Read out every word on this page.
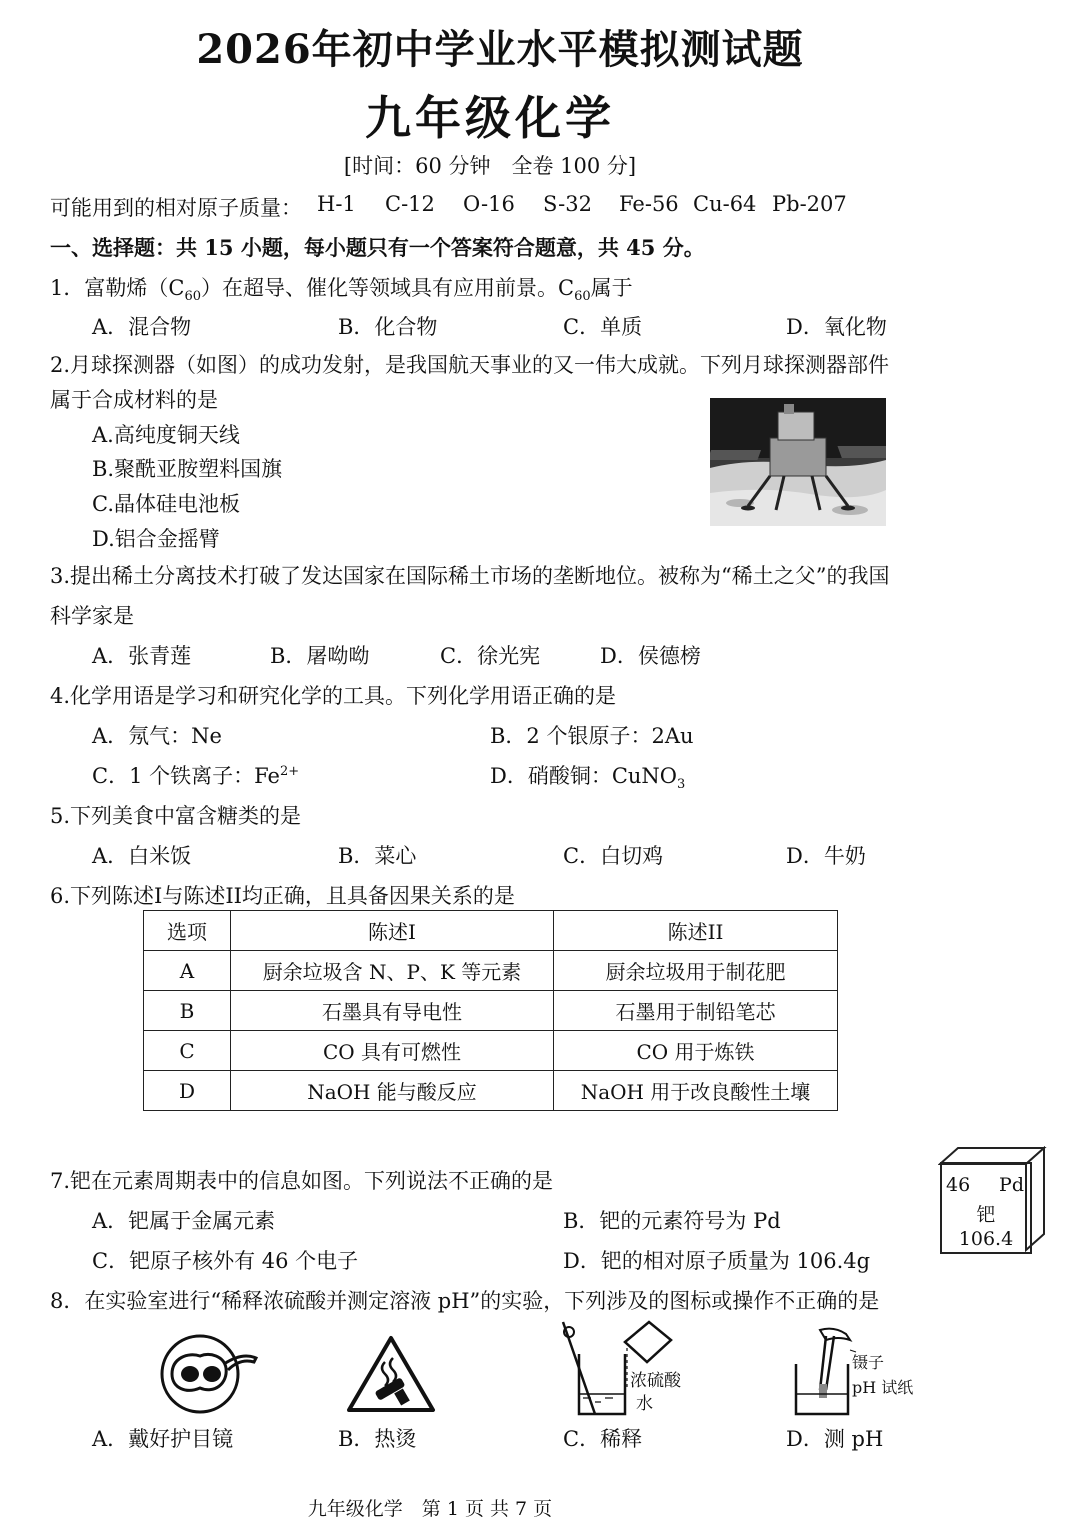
2026年初中学业水平模拟测试题
九年级化学
[时间：60 分钟　全卷 100 分]
可能用到的相对原子质量： H-1 C-12 O-16 S-32 Fe-56 Cu-64 Pb-207
一、选择题：共 15 小题，每小题只有一个答案符合题意，共 45 分。
1．富勒烯$(C_{60})$在超导、催化等领域具有应用前景。$C_{60}$属于
A．混合物	B．化合物	C．单质	D．氧化物
2.月球探测器（如图）的成功发射，是我国航天事业的又一伟大成就。下列月球探测器部件
属于合成材料的是
A.高纯度铜天线
B.聚酰亚胺塑料国旗
C.晶体硅电池板
D.铝合金摇臂
3.提出稀土分离技术打破了发达国家在国际稀土市场的垄断地位。被称为“稀土之父”的我国
科学家是
A．张青莲	B．屠呦呦	C．徐光宪	D．侯德榜
4.化学用语是学习和研究化学的工具。下列化学用语正确的是
A．氖气：Ne	B．2 个银原子：2Au
C．1 个铁离子：$Fe^{2+}$	D．硝酸铜：CuNO$_3$
5.下列美食中富含糖类的是
A．白米饭	B．菜心	C．白切鸡	D．牛奶
6.下列陈述I与陈述II均正确，且具备因果关系的是
选项	陈述I	陈述II
A	厨余垃圾含 N、P、K 等元素	厨余垃圾用于制花肥
B	石墨具有导电性	石墨用于制铅笔芯
C	CO 具有可燃性	CO 用于炼铁
D	NaOH 能与酸反应	NaOH 用于改良酸性土壤
7.钯在元素周期表中的信息如图。下列说法不正确的是
A．钯属于金属元素	B．钯的元素符号为 Pd
C．钯原子核外有 46 个电子	D．钯的相对原子质量为 106.4g
46 Pd
钯
106.4
8．在实验室进行“稀释浓硫酸并测定溶液 pH”的实验，下列涉及的图标或操作不正确的是
浓硫酸
水
镊子
pH 试纸
A．戴好护目镜	B．热烫	C．稀释	D．测 pH
九年级化学　第 1 页 共 7 页
